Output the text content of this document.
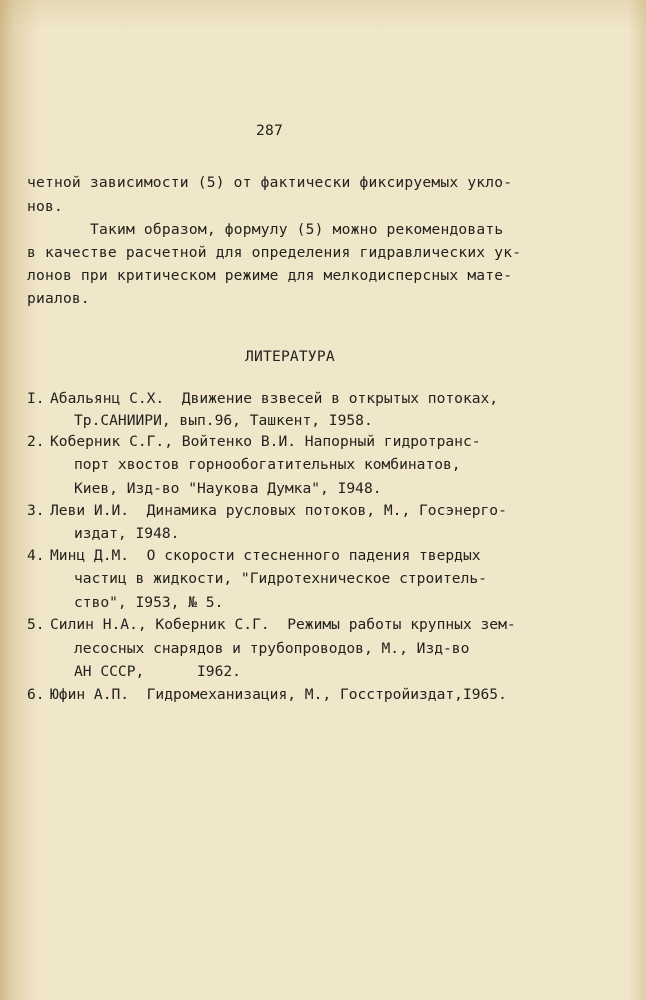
287
четной зависимости (5) от фактически фиксируемых укло-
нов.
Таким образом, формулу (5) можно рекомендовать
в качестве расчетной для определения гидравлических ук-
лонов при критическом режиме для мелкодисперсных мате-
риалов.
ЛИТЕРАТУРА
I. Абальянц С.Х.  Движение взвесей в открытых потоках,
Тр.САНИИРИ, вып.96, Ташкент, I958.
2. Коберник С.Г., Войтенко В.И. Напорный гидротранс-
порт хвостов горнообогатительных комбинатов,
Киев, Изд-во "Наукова Думка", I948.
3. Леви И.И.  Динамика русловых потоков, М., Госэнерго-
издат, I948.
4. Минц Д.М.  О скорости стесненного падения твердых
частиц в жидкости, "Гидротехническое строитель-
ство", I953, № 5.
5. Силин Н.А., Коберник С.Г.  Режимы работы крупных зем-
лесосных снарядов и трубопроводов, М., Изд-во
АН СССР,      I962.
6. Юфин А.П.  Гидромеханизация, М., Госстройиздат,I965.
